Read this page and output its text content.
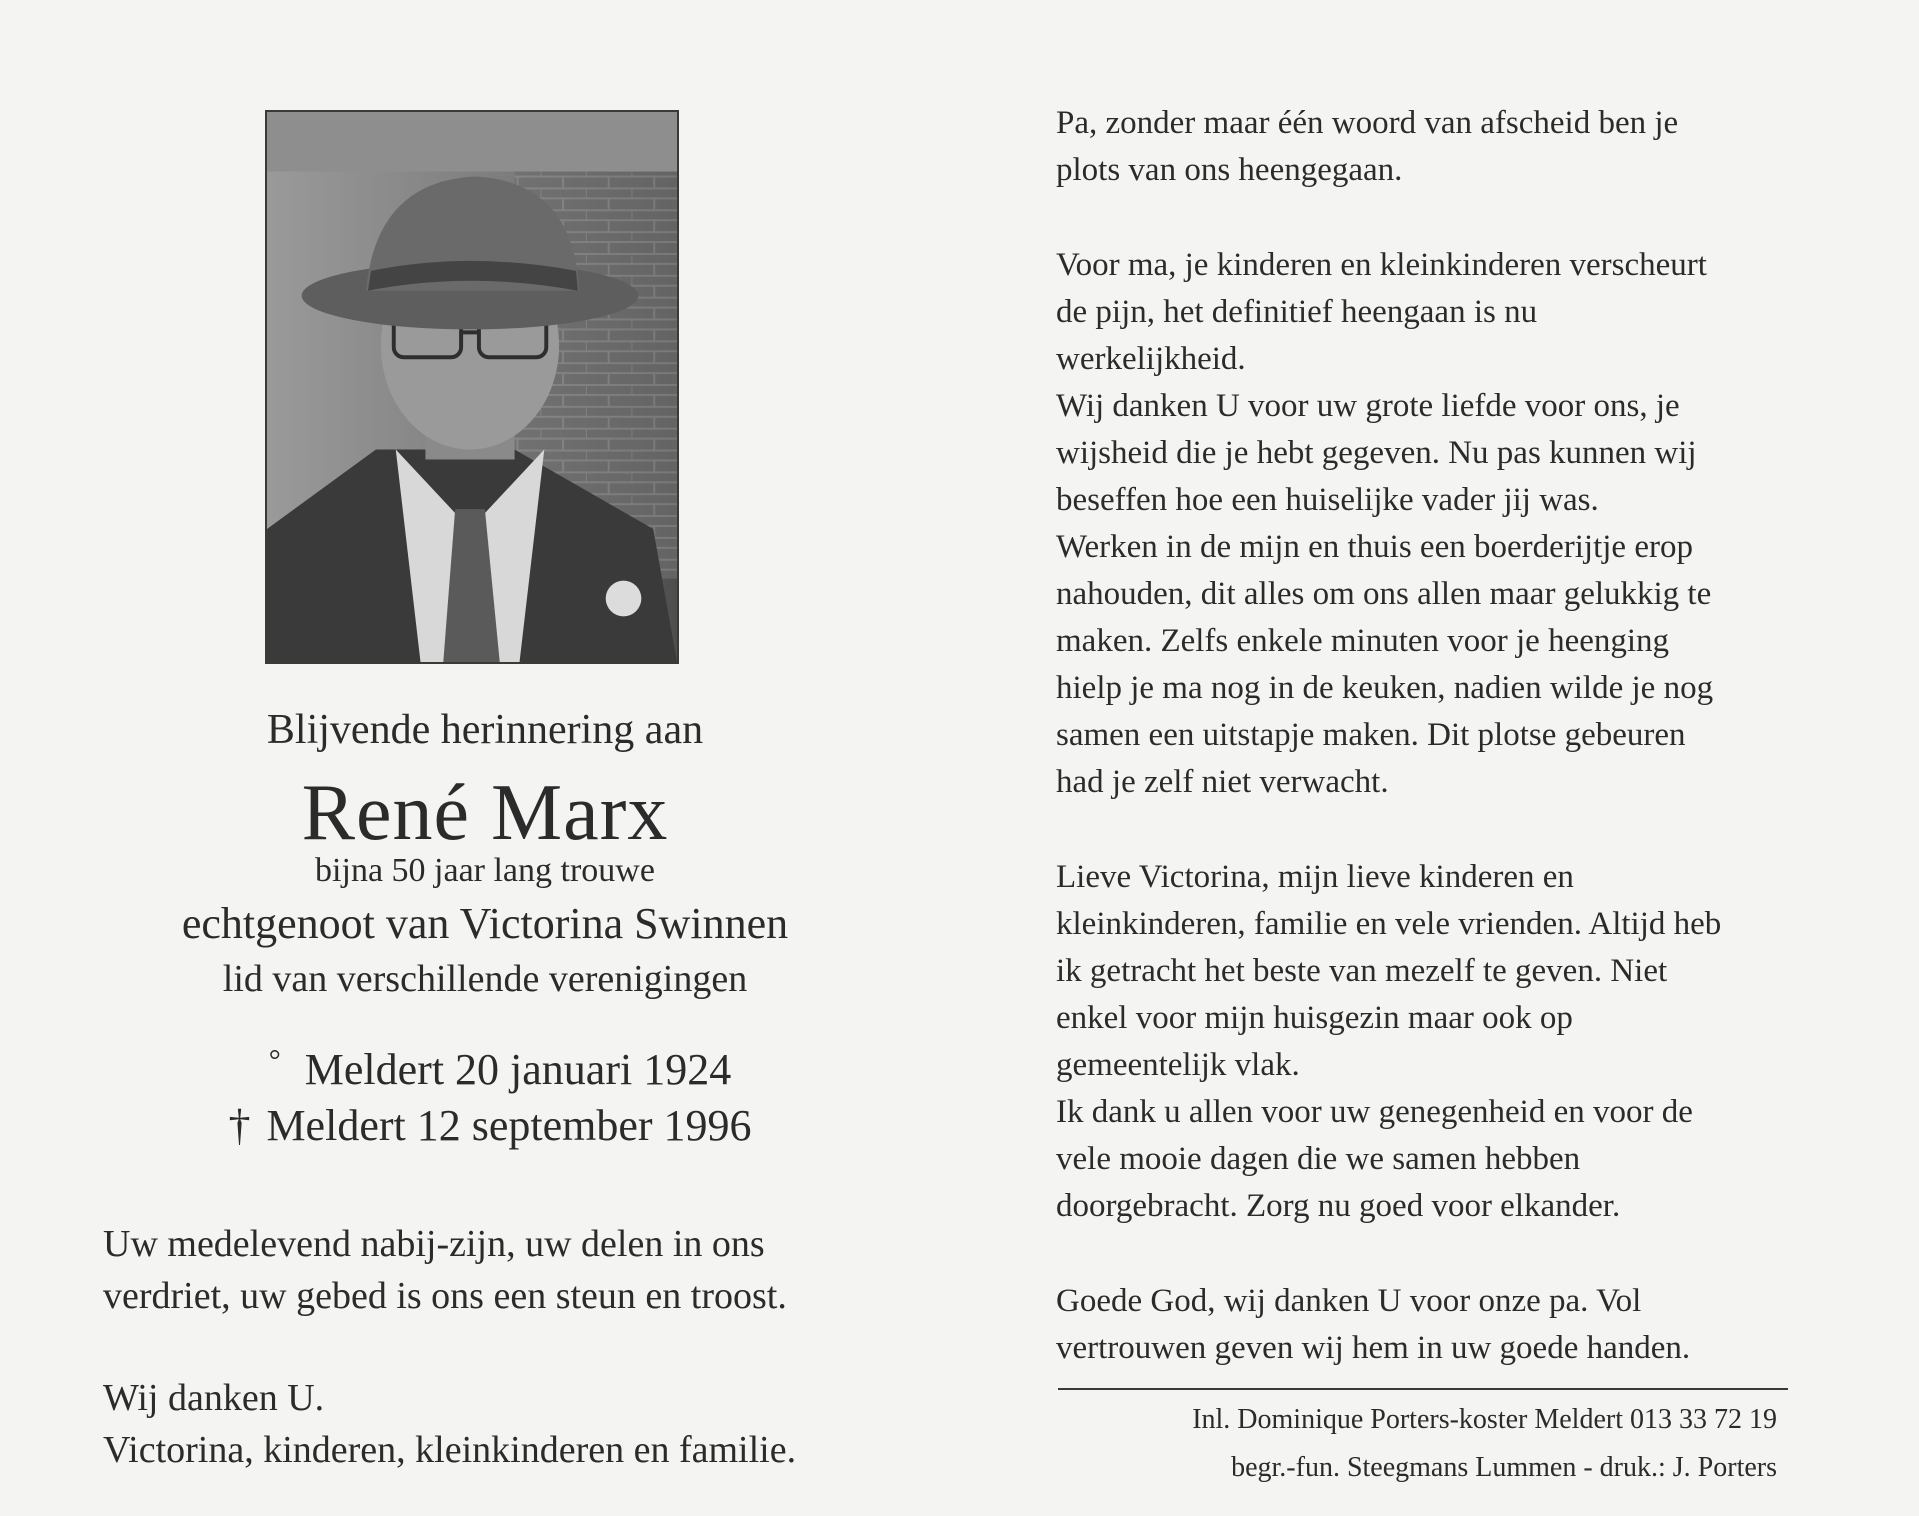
Blijvende herinnering aan
René Marx
bijna 50 jaar lang trouwe
echtgenoot van Victorina Swinnen
lid van verschillende verenigingen
° Meldert 20 januari 1924
† Meldert 12 september 1996
Uw medelevend nabij-zijn, uw delen in ons
verdriet, uw gebed is ons een steun en troost.
Wij danken U.
Victorina, kinderen, kleinkinderen en familie.

Pa, zonder maar één woord van afscheid ben je

plots van ons heengegaan.

Voor ma, je kinderen en kleinkinderen verscheurt

de pijn, het definitief heengaan is nu

werkelijkheid.

Wij danken U voor uw grote liefde voor ons, je

wijsheid die je hebt gegeven. Nu pas kunnen wij

beseffen hoe een huiselijke vader jij was.

Werken in de mijn en thuis een boerderijtje erop

nahouden, dit alles om ons allen maar gelukkig te

maken. Zelfs enkele minuten voor je heenging

hielp je ma nog in de keuken, nadien wilde je nog

samen een uitstapje maken. Dit plotse gebeuren

had je zelf niet verwacht.

Lieve Victorina, mijn lieve kinderen en

kleinkinderen, familie en vele vrienden. Altijd heb

ik getracht het beste van mezelf te geven. Niet

enkel voor mijn huisgezin maar ook op

gemeentelijk vlak.

Ik dank u allen voor uw genegenheid en voor de

vele mooie dagen die we samen hebben

doorgebracht. Zorg nu goed voor elkander.

Goede God, wij danken U voor onze pa. Vol

vertrouwen geven wij hem in uw goede handen.

Inl. Dominique Porters-koster Meldert 013 33 72 19
begr.-fun. Steegmans Lummen - druk.: J. Porters
